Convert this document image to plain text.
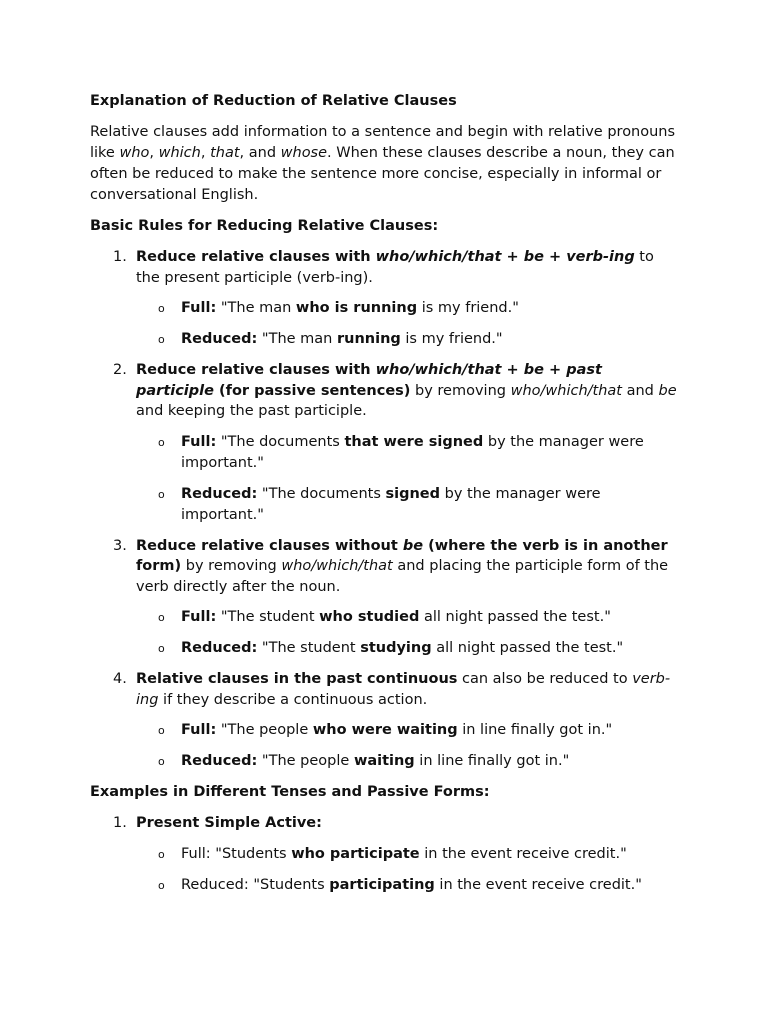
Explanation of Reduction of Relative Clauses

Relative clauses add information to a sentence and begin with relative pronouns like who, which, that, and whose. When these clauses describe a noun, they can often be reduced to make the sentence more concise, especially in informal or conversational English.

Basic Rules for Reducing Relative Clauses:
1. Reduce relative clauses with who/which/that + be + verb-ing to the present participle (verb-ing).
o Full: "The man who is running is my friend."
o Reduced: "The man running is my friend."
2. Reduce relative clauses with who/which/that + be + past participle (for passive sentences) by removing who/which/that and be and keeping the past participle.
o Full: "The documents that were signed by the manager were important."
o Reduced: "The documents signed by the manager were important."
3. Reduce relative clauses without be (where the verb is in another form) by removing who/which/that and placing the participle form of the verb directly after the noun.
o Full: "The student who studied all night passed the test."
o Reduced: "The student studying all night passed the test."
4. Relative clauses in the past continuous can also be reduced to verb-ing if they describe a continuous action.
o Full: "The people who were waiting in line finally got in."
o Reduced: "The people waiting in line finally got in."
Examples in Different Tenses and Passive Forms:
1. Present Simple Active:
o Full: "Students who participate in the event receive credit."
o Reduced: "Students participating in the event receive credit."
